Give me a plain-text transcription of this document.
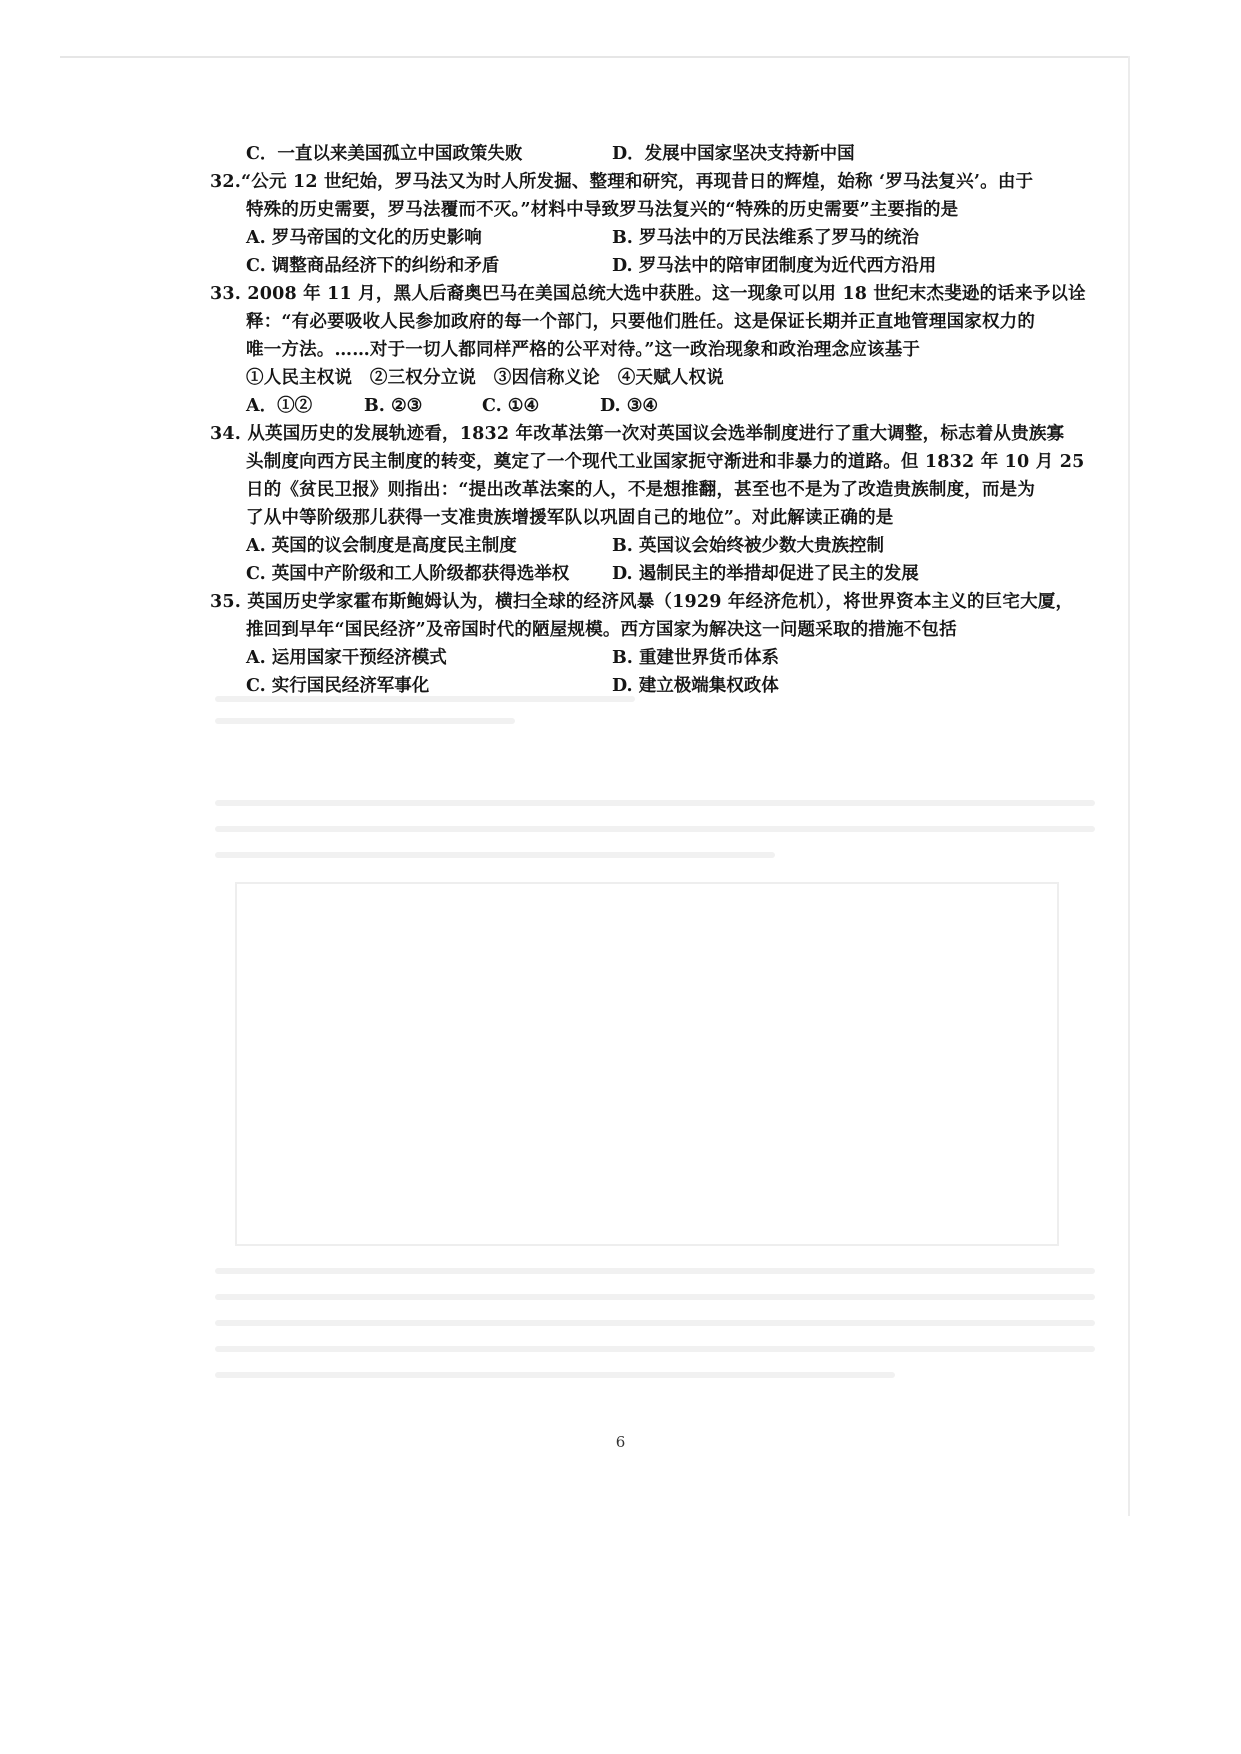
C．一直以来美国孤立中国政策失败	D．发展中国家坚决支持新中国
32.“公元 12 世纪始，罗马法又为时人所发掘、整理和研究，再现昔日的辉煌，始称 ‘罗马法复兴’。由于
特殊的历史需要，罗马法覆而不灭。”材料中导致罗马法复兴的“特殊的历史需要”主要指的是
A. 罗马帝国的文化的历史影响	B. 罗马法中的万民法维系了罗马的统治
C. 调整商品经济下的纠纷和矛盾	D. 罗马法中的陪审团制度为近代西方沿用
33. 2008 年 11 月，黑人后裔奥巴马在美国总统大选中获胜。这一现象可以用 18 世纪末杰斐逊的话来予以诠
释：“有必要吸收人民参加政府的每一个部门，只要他们胜任。这是保证长期并正直地管理国家权力的
唯一方法。……对于一切人都同样严格的公平对待。”这一政治现象和政治理念应该基于
①人民主权说　②三权分立说　③因信称义论　④天赋人权说
A．①②	B. ②③	C. ①④	D. ③④
34. 从英国历史的发展轨迹看，1832 年改革法第一次对英国议会选举制度进行了重大调整，标志着从贵族寡
头制度向西方民主制度的转变，奠定了一个现代工业国家扼守渐进和非暴力的道路。但 1832 年 10 月 25
日的《贫民卫报》则指出：“提出改革法案的人，不是想推翻，甚至也不是为了改造贵族制度，而是为
了从中等阶级那儿获得一支准贵族增援军队以巩固自己的地位”。对此解读正确的是
A. 英国的议会制度是高度民主制度	B. 英国议会始终被少数大贵族控制
C. 英国中产阶级和工人阶级都获得选举权	D. 遏制民主的举措却促进了民主的发展
35. 英国历史学家霍布斯鲍姆认为，横扫全球的经济风暴（1929 年经济危机），将世界资本主义的巨宅大厦，
推回到早年“国民经济”及帝国时代的陋屋规模。西方国家为解决这一问题采取的措施不包括
A. 运用国家干预经济模式	B. 重建世界货币体系
C. 实行国民经济军事化	D. 建立极端集权政体
6
